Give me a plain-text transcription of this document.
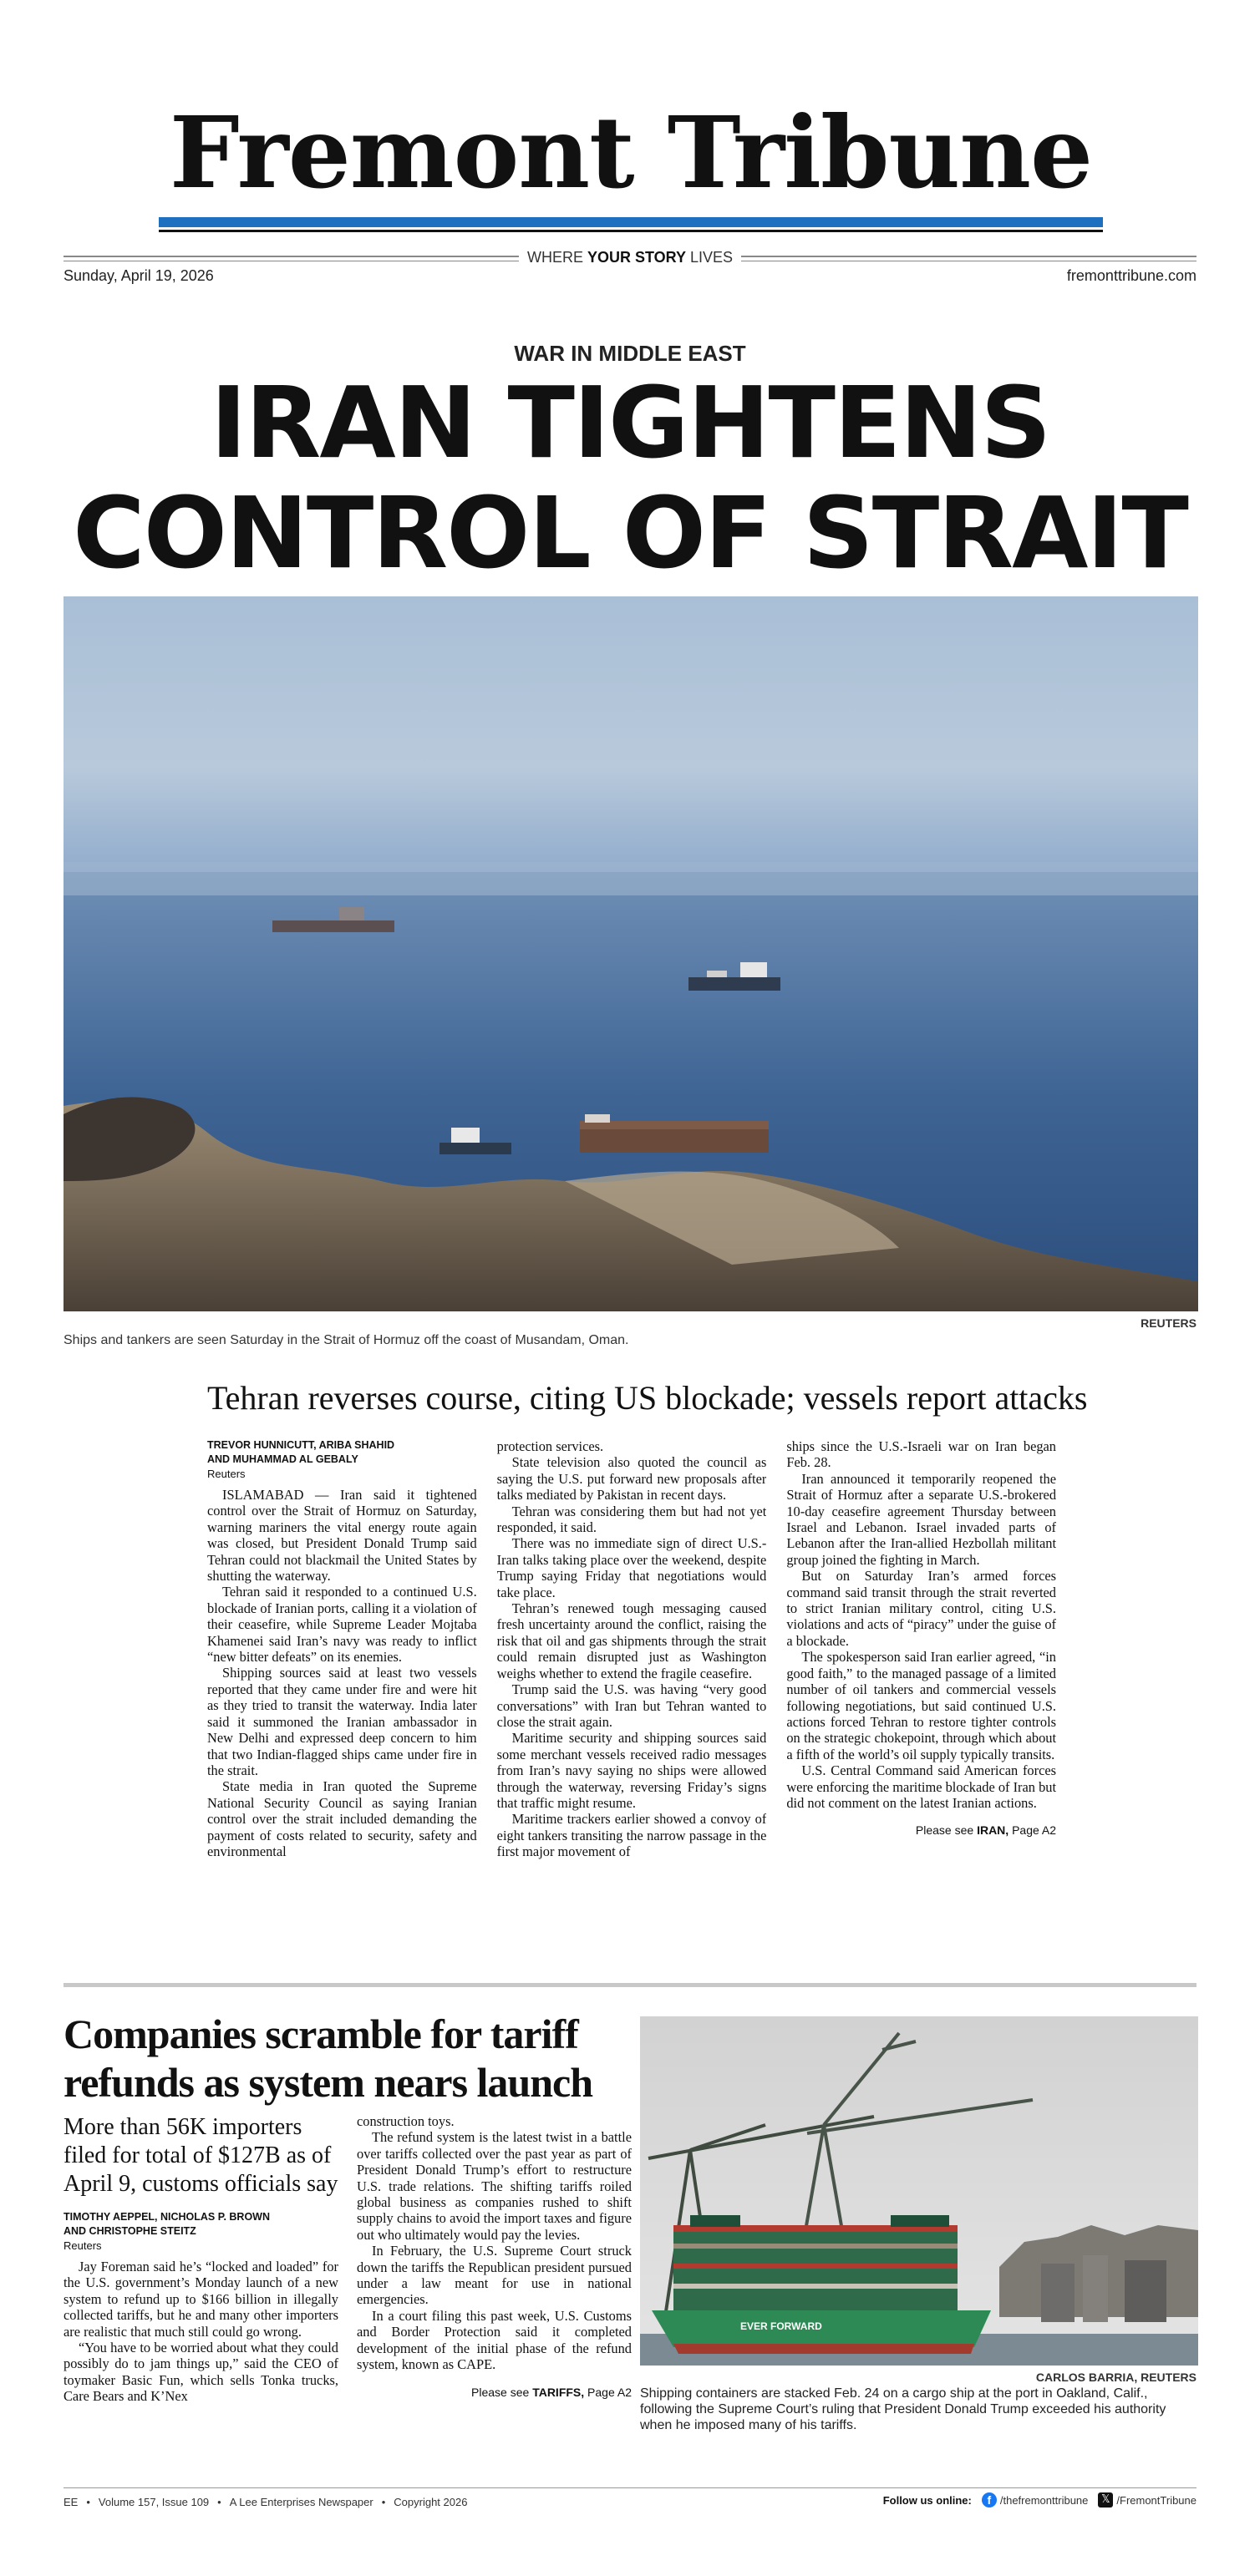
Fremont Tribune
WHERE YOUR STORY LIVES
Sunday, April 19, 2026	fremonttribune.com
WAR IN MIDDLE EAST
IRAN TIGHTENS CONTROL OF STRAIT
REUTERS
Ships and tankers are seen Saturday in the Strait of Hormuz off the coast of Musandam, Oman.
Tehran reverses course, citing US blockade; vessels report attacks
TREVOR HUNNICUTT, ARIBA SHAHID
AND MUHAMMAD AL GEBALY
Reuters

ISLAMABAD — Iran said it tightened control over the Strait of Hormuz on Saturday, warning mariners the vital energy route again was closed, but President Donald Trump said Tehran could not blackmail the United States by shutting the waterway.

Tehran said it responded to a continued U.S. blockade of Iranian ports, calling it a violation of their ceasefire, while Supreme Leader Mojtaba Khamenei said Iran’s navy was ready to inflict “new bitter defeats” on its enemies.

Shipping sources said at least two vessels reported that they came under fire and were hit as they tried to transit the waterway. India later said it summoned the Iranian ambassador in New Delhi and expressed deep concern to him that two Indian-flagged ships came under fire in the strait.

State media in Iran quoted the Supreme National Security Council as saying Iranian control over the strait included demanding the payment of costs related to security, safety and environmental

protection services.

State television also quoted the council as saying the U.S. put forward new proposals after talks mediated by Pakistan in recent days.

Tehran was considering them but had not yet responded, it said.

There was no immediate sign of direct U.S.-Iran talks taking place over the weekend, despite Trump saying Friday that negotiations would take place.

Tehran’s renewed tough messaging caused fresh uncertainty around the conflict, raising the risk that oil and gas shipments through the strait could remain disrupted just as Washington weighs whether to extend the fragile ceasefire.

Trump said the U.S. was having “very good conversations” with Iran but Tehran wanted to close the strait again.

Maritime security and shipping sources said some merchant vessels received radio messages from Iran’s navy saying no ships were allowed through the waterway, reversing Friday’s signs that traffic might resume.

Maritime trackers earlier showed a convoy of eight tankers transiting the narrow passage in the first major movement of

ships since the U.S.-Israeli war on Iran began Feb. 28.

Iran announced it temporarily reopened the Strait of Hormuz after a separate U.S.-brokered 10-day ceasefire agreement Thursday between Israel and Lebanon. Israel invaded parts of Lebanon after the Iran-allied Hezbollah militant group joined the fighting in March.

But on Saturday Iran’s armed forces command said transit through the strait reverted to strict Iranian military control, citing U.S. violations and acts of “piracy” under the guise of a blockade.

The spokesperson said Iran earlier agreed, “in good faith,” to the managed passage of a limited number of oil tankers and commercial vessels following negotiations, but said continued U.S. actions forced Tehran to restore tighter controls on the strategic chokepoint, through which about a fifth of the world’s oil supply typically transits.

U.S. Central Command said American forces were enforcing the maritime blockade of Iran but did not comment on the latest Iranian actions.

Please see IRAN, Page A2
Companies scramble for tariff refunds as system nears launch
More than 56K importers filed for total of $127B as of April 9, customs officials say
TIMOTHY AEPPEL, NICHOLAS P. BROWN
AND CHRISTOPHE STEITZ
Reuters

Jay Foreman said he’s “locked and loaded” for the U.S. government’s Monday launch of a new system to refund up to $166 billion in illegally collected tariffs, but he and many other importers are realistic that much still could go wrong.

“You have to be worried about what they could possibly do to jam things up,” said the CEO of toymaker Basic Fun, which sells Tonka trucks, Care Bears and K’Nex

construction toys.

The refund system is the latest twist in a battle over tariffs collected over the past year as part of President Donald Trump’s effort to restructure U.S. trade relations. The shifting tariffs roiled global business as companies rushed to shift supply chains to avoid the import taxes and figure out who ultimately would pay the levies.

In February, the U.S. Supreme Court struck down the tariffs the Republican president pursued under a law meant for use in national emergencies.

In a court filing this past week, U.S. Customs and Border Protection said it completed development of the initial phase of the refund system, known as CAPE.

Please see TARIFFS, Page A2
EVER FORWARD
CARLOS BARRIA, REUTERS
Shipping containers are stacked Feb. 24 on a cargo ship at the port in Oakland, Calif., following the Supreme Court’s ruling that President Donald Trump exceeded his authority when he imposed many of his tariffs.
EE • Volume 157, Issue 109 • A Lee Enterprises Newspaper • Copyright 2026	Follow us online:	f /thefremonttribune 𝕏 /FremontTribune
